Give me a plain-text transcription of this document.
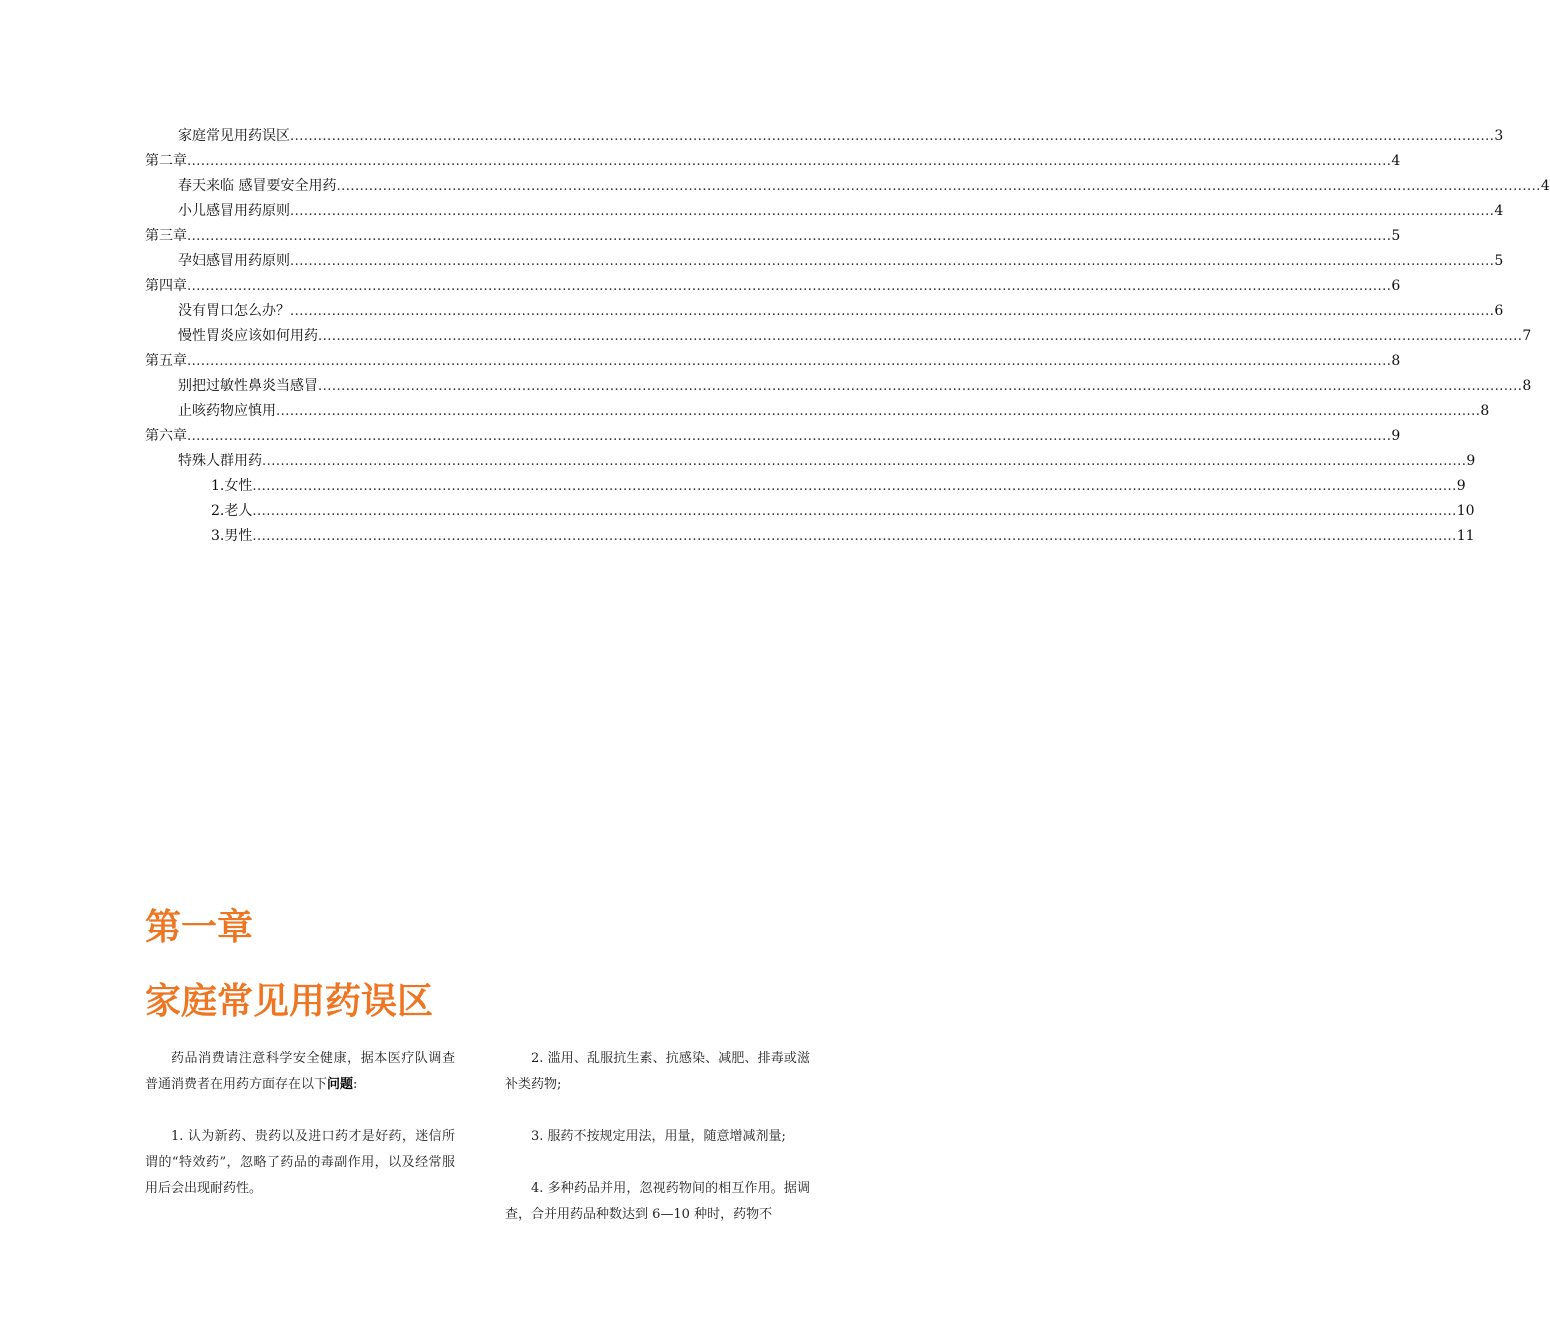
家庭常见用药误区 .................................................................................................................................................................................................................................................................... 3
第二章 .................................................................................................................................................................................................................................................................... 4
春天来临 感冒要安全用药 .................................................................................................................................................................................................................................................................... 4
小儿感冒用药原则 .................................................................................................................................................................................................................................................................... 4
第三章 .................................................................................................................................................................................................................................................................... 5
孕妇感冒用药原则 .................................................................................................................................................................................................................................................................... 5
第四章 .................................................................................................................................................................................................................................................................... 6
没有胃口怎么办？ .................................................................................................................................................................................................................................................................... 6
慢性胃炎应该如何用药 .................................................................................................................................................................................................................................................................... 7
第五章 .................................................................................................................................................................................................................................................................... 8
别把过敏性鼻炎当感冒 .................................................................................................................................................................................................................................................................... 8
止咳药物应慎用 .................................................................................................................................................................................................................................................................... 8
第六章 .................................................................................................................................................................................................................................................................... 9
特殊人群用药 .................................................................................................................................................................................................................................................................... 9
1.女性 .................................................................................................................................................................................................................................................................... 9
2.老人 .................................................................................................................................................................................................................................................................... 10
3.男性 .................................................................................................................................................................................................................................................................... 11
第一章
家庭常见用药误区

药品消费请注意科学安全健康，据本医疗队调查普通消费者在用药方面存在以下问题:

1. 认为新药、贵药以及进口药才是好药，迷信所谓的“特效药”，忽略了药品的毒副作用，以及经常服用后会出现耐药性。

2. 滥用、乱服抗生素、抗感染、减肥、排毒或滋补类药物;

3. 服药不按规定用法，用量，随意增减剂量;

4. 多种药品并用，忽视药物间的相互作用。据调查，合并用药品种数达到 6—10 种时，药物不
